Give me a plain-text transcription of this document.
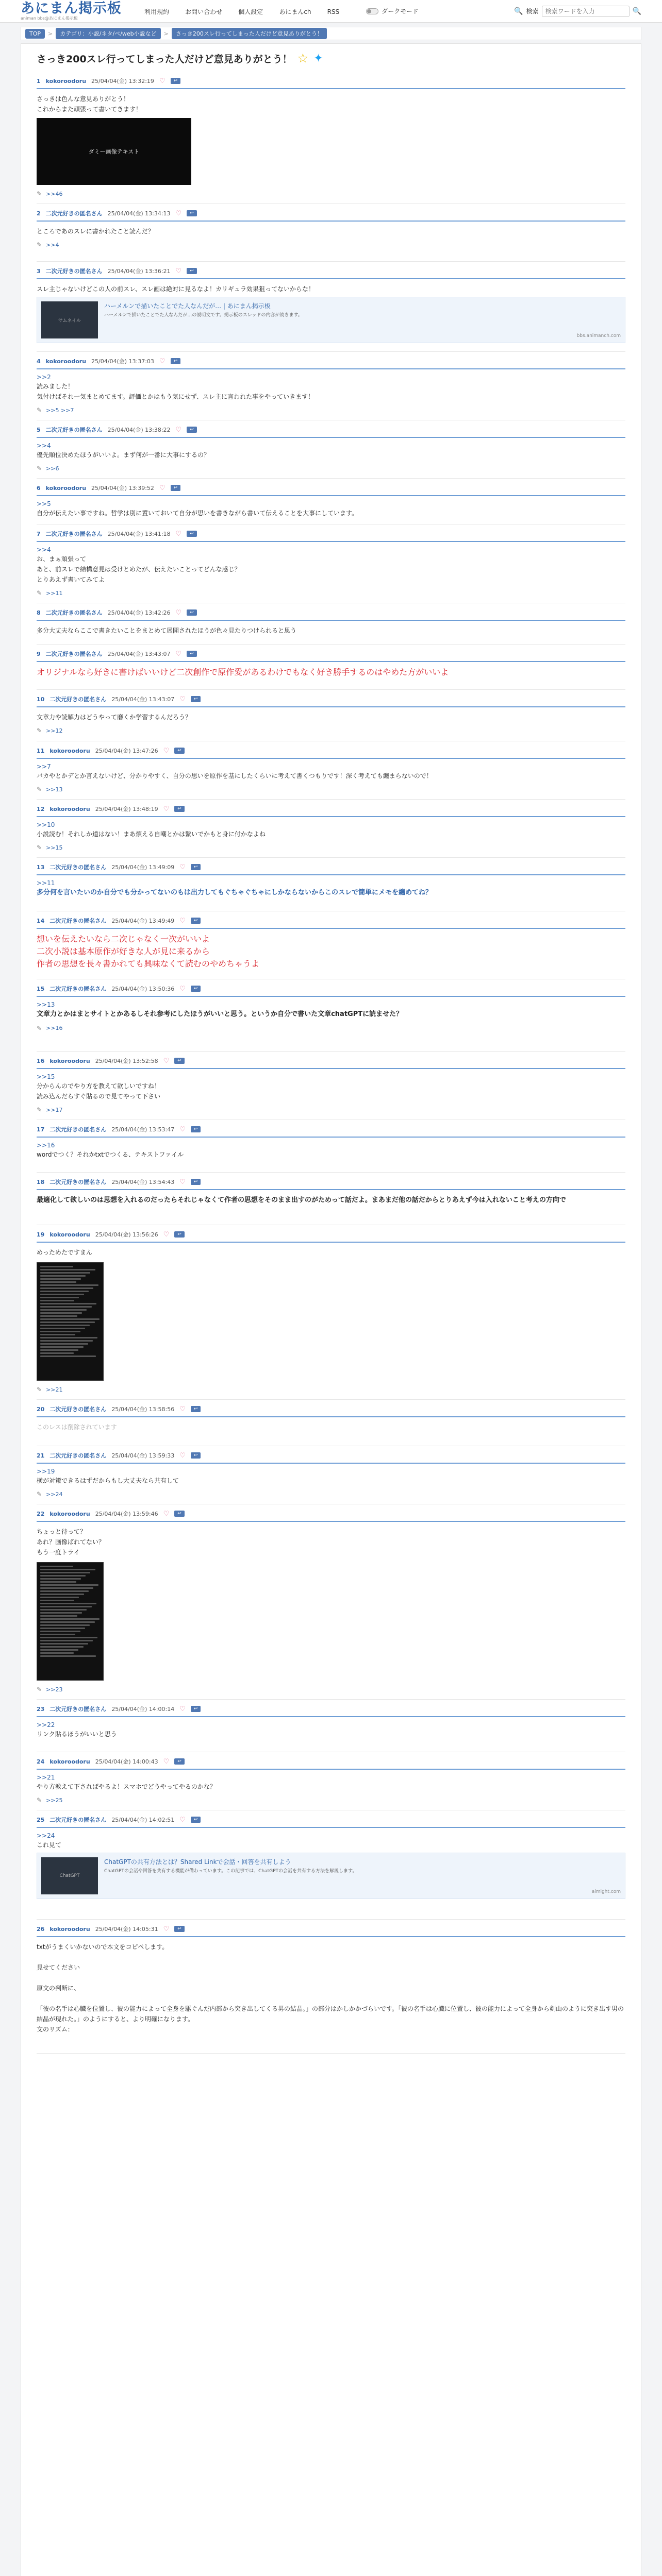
あにまん掲示板
animan bbs@あにまん掲示板
利用規約	お問い合わせ	個人設定	あにまんch	RSS	ダークモード	🔍 検索
検索ワードを入力	🔍
TOP	>	カテゴリ：小説/ネタ/ベ/web小説など	>	さっき200スレ行ってしまった人だけど意見ありがとう！
さっき200スレ行ってしまった人だけど意見ありがとう！ ☆ ✦
1 kokoroodoru 25/04/04(金) 13:32:19 ♡	↩
さっきは色んな意見ありがとう！
これからまた頑張って書いてきます！
ダミー画像テキスト
✎ >>46
2 二次元好きの匿名さん 25/04/04(金) 13:34:13 ♡	↩
ところであのスレに書かれたこと読んだ？
✎ >>4
3 二次元好きの匿名さん 25/04/04(金) 13:36:21 ♡	↩
スレ主じゃないけどこの人の前スレ、スレ画は絶対に見るなよ！カリギュラ効果狙ってないからな！
サムネイル
ハーメルンで描いたことでた人なんだが… | あにまん掲示板
ハーメルンで描いたことでた人なんだが…の説明文です。掲示板のスレッドの内容が続きます。
bbs.animanch.com
4 kokoroodoru 25/04/04(金) 13:37:03 ♡	↩
>>2
読みました！
気付けばそれ一気まとめてます。評価とかはもう気にせず、スレ主に言われた事をやっていきます！
✎ >>5 >>7
5 二次元好きの匿名さん 25/04/04(金) 13:38:22 ♡	↩
>>4
優先順位決めたほうがいいよ。まず何が一番に大事にするの？
✎ >>6
6 kokoroodoru 25/04/04(金) 13:39:52 ♡	↩
>>5
自分が伝えたい事ですね。哲学は別に置いておいて自分が思いを書きながら書いて伝えることを大事にしています。
7 二次元好きの匿名さん 25/04/04(金) 13:41:18 ♡	↩
>>4
お、まぁ頑張って
あと、前スレで結構意見は受けとめたが、伝えたいことってどんな感じ？
とりあえず書いてみてよ
✎ >>11
8 二次元好きの匿名さん 25/04/04(金) 13:42:26 ♡	↩
多分大丈夫ならここで書きたいことをまとめて展開されたほうが色々見たりつけられると思う
9 二次元好きの匿名さん 25/04/04(金) 13:43:07 ♡	↩
オリジナルなら好きに書けばいいけど二次創作で原作愛があるわけでもなく好き勝手するのはやめた方がいいよ
10 二次元好きの匿名さん 25/04/04(金) 13:43:07 ♡	↩
文章力や読解力はどうやって磨くか学習するんだろう？
✎ >>12
11 kokoroodoru 25/04/04(金) 13:47:26 ♡	↩
>>7
バカやとかデとか言えないけど、分かりやすく、自分の思いを原作を基にしたくらいに考えて書くつもりです！深く考えても纏まらないので！
✎ >>13
12 kokoroodoru 25/04/04(金) 13:48:19 ♡	↩
>>10
小説読む！それしか道はない！まあ煩える自嘲とかは繋いでかもと身に付かなよね
✎ >>15
13 二次元好きの匿名さん 25/04/04(金) 13:49:09 ♡	↩
>>11
多分何を言いたいのか自分でも分かってないのもは出力してもぐちゃぐちゃにしかならないからこのスレで簡単にメモを纏めてね？
14 二次元好きの匿名さん 25/04/04(金) 13:49:49 ♡	↩
想いを伝えたいなら二次じゃなく一次がいいよ
二次小説は基本原作が好きな人が見に来るから
作者の思想を長々書かれても興味なくて読むのやめちゃうよ
15 二次元好きの匿名さん 25/04/04(金) 13:50:36 ♡	↩
>>13
文章力とかはまとサイトとかあるしそれ参考にしたほうがいいと思う。というか自分で書いた文章chatGPTに読ませた？
✎ >>16
16 kokoroodoru 25/04/04(金) 13:52:58 ♡	↩
>>15
分からんのでやり方を教えて欲しいですね！
読み込んだらすぐ貼るので見てやって下さい
✎ >>17
17 二次元好きの匿名さん 25/04/04(金) 13:53:47 ♡	↩
>>16
wordでつく？それかtxtでつくる、テキストファイル
18 二次元好きの匿名さん 25/04/04(金) 13:54:43 ♡	↩
最適化して欲しいのは思想を入れるのだったらそれじゃなくて作者の思想をそのまま出すのがためって話だよ。まあまだ他の話だからとりあえず今は入れないこと考えの方向で
19 kokoroodoru 25/04/04(金) 13:56:26 ♡	↩
めっためたですまん
✎ >>21
20 二次元好きの匿名さん 25/04/04(金) 13:58:56 ♡	↩
このレスは削除されています
21 二次元好きの匿名さん 25/04/04(金) 13:59:33 ♡	↩
>>19
横が対策できるはずだからもし大丈夫なら共有して
✎ >>24
22 kokoroodoru 25/04/04(金) 13:59:46 ♡	↩
ちょっと待って？
あれ？画像ばれてない？
もう一度トライ
✎ >>23
23 二次元好きの匿名さん 25/04/04(金) 14:00:14 ♡	↩
>>22
リンク貼るほうがいいと思う
24 kokoroodoru 25/04/04(金) 14:00:43 ♡	↩
>>21
やり方教えて下さればやるよ！スマホでどうやってやるのかな？
✎ >>25
25 二次元好きの匿名さん 25/04/04(金) 14:02:51 ♡	↩
>>24
これ見て
ChatGPT
ChatGPTの共有方法とは？Shared Linkで会話・回答を共有しよう
ChatGPTの会話や回答を共有する機能が備わっています。この記事では、ChatGPTの会話を共有する方法を解説します。
aimight.com
26 kokoroodoru 25/04/04(金) 14:05:31 ♡	↩
txtがうまくいかないので本文をコピペします。

見せてください

原文の判断に、

「彼の名手は心臓を位置し、彼の能力によって全身を駆ぐんだ内部から突き出してくる男の結晶。」の部分はかしかかづらいです。「彼の名手は心臓に位置し、彼の能力によって全身から剣山のように突き出す男の結晶が現れた。」のようにすると、より明確になります。
文のリズム：
